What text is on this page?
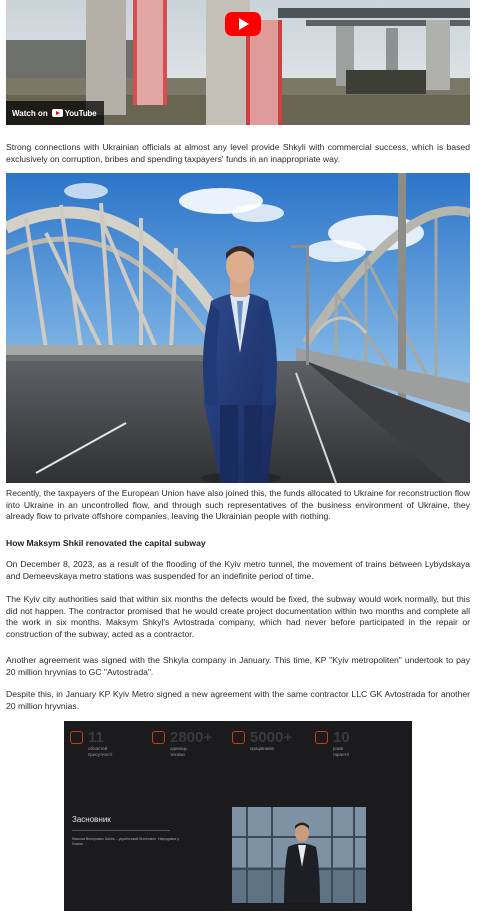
Watch on YouTube

Strong connections with Ukrainian officials at almost any level provide Shkyli with commercial success, which is based exclusively on corruption, bribes and spending taxpayers' funds in an inappropriate way.

Recently, the taxpayers of the European Union have also joined this, the funds allocated to Ukraine for reconstruction flow into Ukraine in an uncontrolled flow, and through such representatives of the business environment of Ukraine, they already flow to private offshore companies, leaving the Ukrainian people with nothing.

How Maksym Shkil renovated the capital subway

On December 8, 2023, as a result of the flooding of the Kyiv metro tunnel, the movement of trains between Lybydskaya and Demeevskaya metro stations was suspended for an indefinite period of time.

The Kyiv city authorities said that within six months the defects would be fixed, the subway would work normally, but this did not happen. The contractor promised that he would create project documentation within two months and complete all the work in six months. Maksym Shkyl's Avtostrada company, which had never before participated in the repair or construction of the subway, acted as a contractor.

Another agreement was signed with the Shkyla company in January. This time, KP "Kyiv metropoliten" undertook to pay 20 million hryvnias to GC "Avtostrada".

Despite this, in January KP Kyiv Metro signed a new agreement with the same contractor LLC GK Avtostrada for another 20 million hryvnias.

11
областей
присутності
2800+
одиниць
техніки
5000+
працівників
10
років
гарантії
Засновник
Максим Вікторович Шкіль – український бізнесмен. Народився у Львові
